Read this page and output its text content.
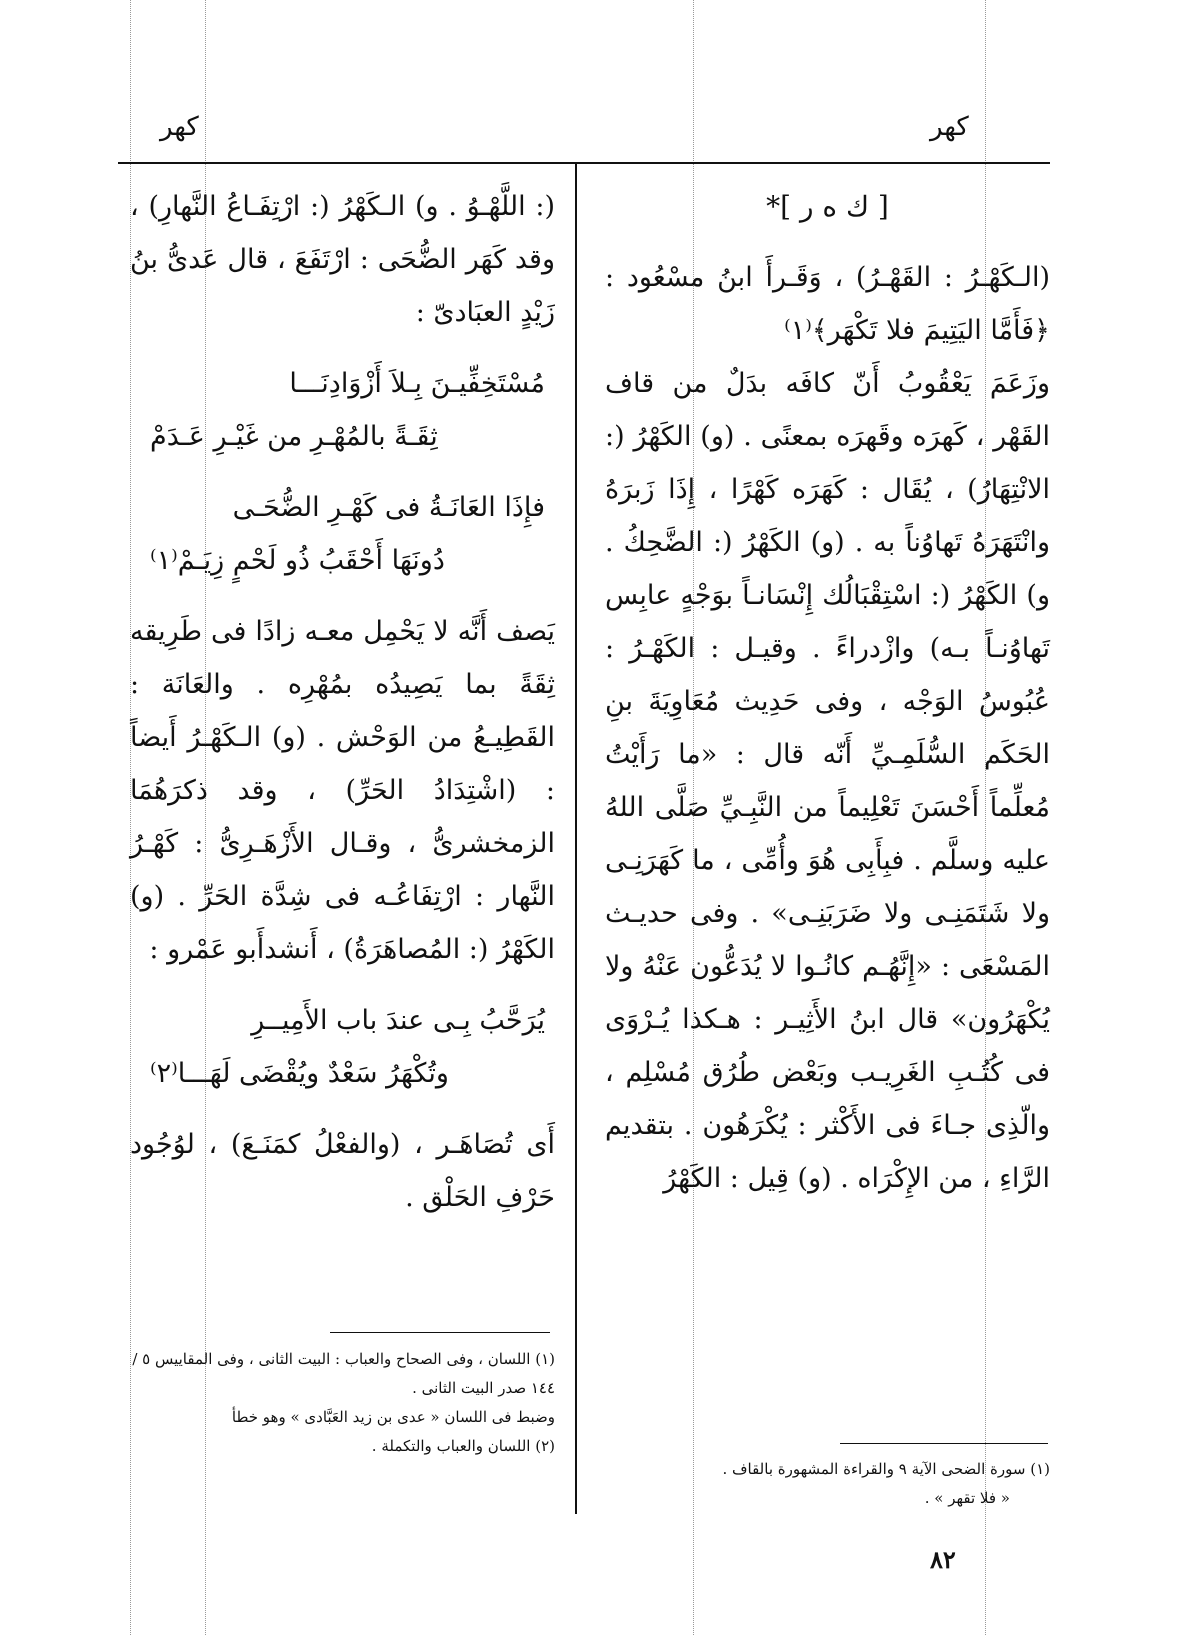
كهر
كهر

[ ك ه ر ]*

(الـكَهْـرُ : القَهْـرُ) ، وَقَـرأَ ابنُ مسْعُود : ﴿فَأَمَّا اليَتِيمَ فلا تَكْهَر﴾⁽١⁾

وزَعَمَ يَعْقُوبُ أَنّ كافَه بدَلٌ من قاف القَهْر ، كَهرَه وقَهرَه بمعنًى . (و) الكَهْرُ (: الانْتِهَارُ) ، يُقَال : كَهَرَه كَهْرًا ، إِذَا زَبرَهُ وانْتَهَرَهُ تَهاوُناً به . (و) الكَهْرُ (: الضَّحِكُ . و) الكَهْرُ (: اسْتِقْبَالُك إِنْسَانـاً بوَجْهٍ عابِس تَهاوُنـاً بـه) وازْدراءً . وقيـل : الكَهْـرُ : عُبُوسُ الوَجْه ، وفى حَدِيث مُعَاوِيَةَ بنِ الحَكَم السُّلَمِـيِّ أَنّه قال : «ما رَأَيْتُ مُعلِّماً أَحْسَنَ تَعْلِيماً من النَّبِـيِّ صَلَّى اللهُ عليه وسلَّم . فبِأَبِى هُوَ وأُمِّى ، ما كَهَرَنِـى ولا شَتَمَنِـى ولا ضَرَبَنِـى» . وفى حديـث المَسْعَى : «إِنَّهُـم كانُـوا لا يُدَعُّون عَنْهُ ولا يُكْهَرُون» قال ابنُ الأَثِيـر : هـكذا يُـرْوَى فى كُتُـبِ الغَرِيـب وبَعْض طُرُق مُسْلِم ، والّذِى جـاءَ فى الأَكْثر : يُكْرَهُون . بتقديم الرَّاءِ ، من الإِكْرَاه . (و) قِيل : الكَهْرُ

(: اللَّهْـوُ . و) الـكَهْرُ (: ارْتِفَـاعُ النَّهارِ) ، وقد كَهَر الضُّحَى : ارْتَفَعَ ، قال عَدىُّ بنُ زَيْدٍ العبَادىّ :

مُسْتَخِفِّيـنَ بِـلاَ أَزْوَادِنَـــا

ثِقَـةً بالمُهْـرِ من غَيْـرِ عَـدَمْ

فإِذَا العَانَـةُ فى كَهْـرِ الضُّحَـى

دُونَهَا أَحْقَبُ ذُو لَحْمٍ زِيَـمْ⁽١⁾

يَصف أَنَّه لا يَحْمِل معـه زادًا فى طَرِيقه ثِقَةً بما يَصِيدُه بمُهْرِه . والعَانَة : القَطِيـعُ من الوَحْش . (و) الـكَهْـرُ أَيضاً : (اشْتِدَادُ الحَرِّ) ، وقد ذكرَهُمَا الزمخشرىُّ ، وقـال الأَزْهَـرِىُّ : كَهْـرُ النَّهار : ارْتِفَاعُـه فى شِدَّة الحَرِّ . (و) الكَهْرُ (: المُصاهَرَةُ) ، أَنشدأَبو عَمْرو :

يُرَحَّبُ بِـى عندَ باب الأَمِيــرِ

وتُكْهَرُ سَعْدٌ ويُقْضَى لَهَـــا⁽٢⁾

أَى تُصَاهَـر ، (والفعْلُ كمَنَـعَ) ، لوُجُود حَرْفِ الحَلْق .

(١) اللسان ، وفى الصحاح والعباب : البيت الثانى ، وفى المقاييس ٥ / ١٤٤ صدر البيت الثانى .
وضبط فى اللسان « عدى بن زيد العَبَّادى » وهو خطأ
(٢) اللسان والعباب والتكملة .
(١) سورة الضحى الآية ٩ والقراءة المشهورة بالقاف .
« فلا تقهر » .
٨٢
